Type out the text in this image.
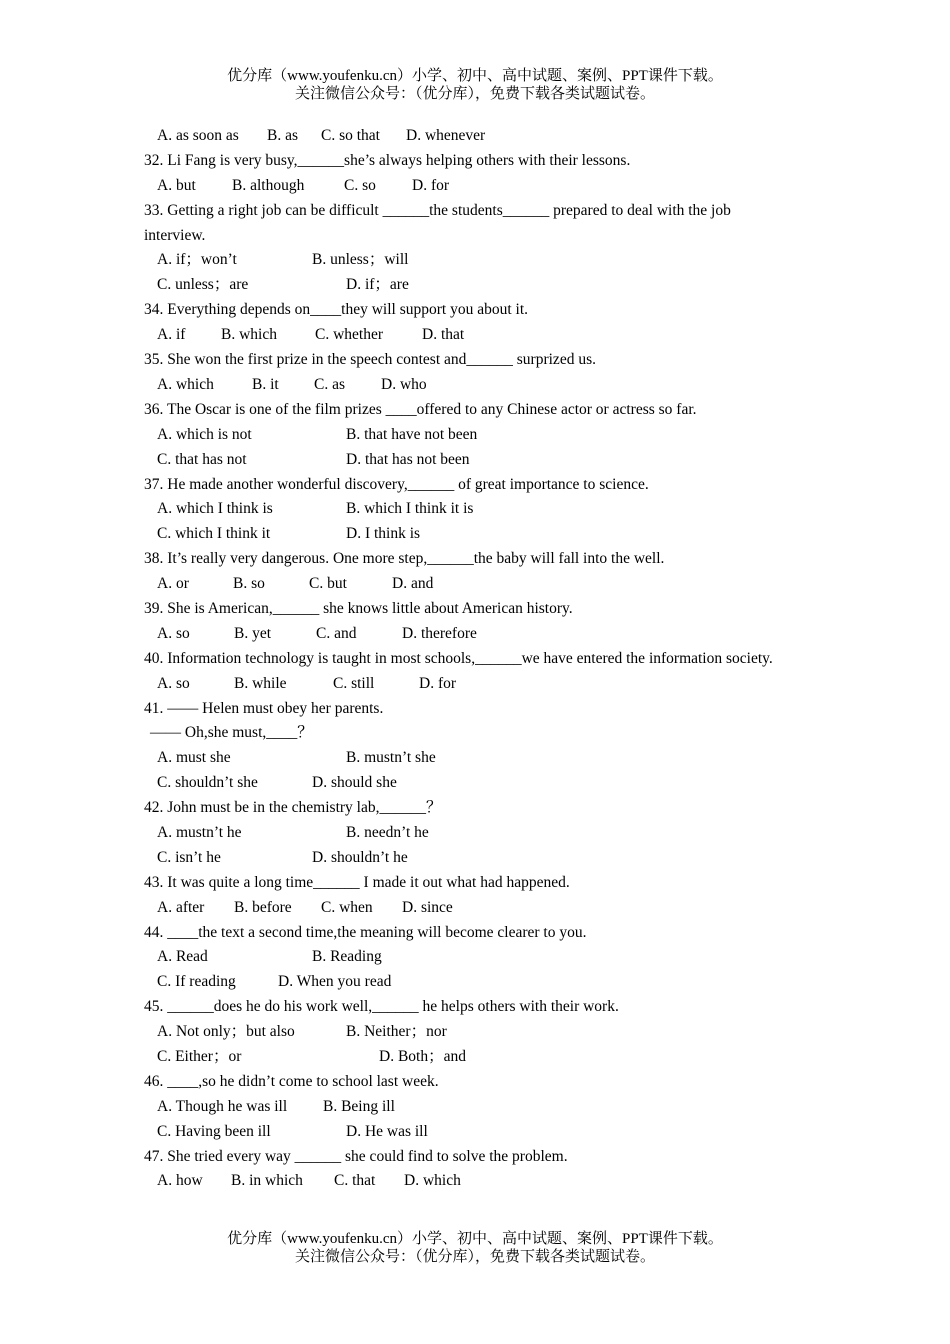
优分库（www.youfenku.cn）小学、初中、高中试题、案例、PPT课件下载。
关注微信公众号：（优分库），免费下载各类试题试卷。
A. as soon as B. as C. so that D. whenever
32. Li Fang is very busy,______she’s always helping others with their lessons.
A. but B. although	C. so D. for
33. Getting a right job can be difficult ______the students______ prepared to deal with the job interview.
A. if；won’t	B. unless；will
C. unless；are	D. if；are
34. Everything depends on____they will support you about it.
A. if B. which C. whether	D. that
35. She won the first prize in the speech contest and______ surprized us.
A. which B. it C. as D. who
36. The Oscar is one of the film prizes ____offered to any Chinese actor or actress so far.
A. which is not	B. that have not been
C. that has not	D. that has not been
37. He made another wonderful discovery,______ of great importance to science.
A. which I think is	B. which I think it is
C. which I think it	D. I think is
38. It’s really very dangerous. One more step,______the baby will fall into the well.
A. or	B. so	C. but	D. and
39. She is American,______ she knows little about American history.
A. so	B. yet	C. and	D. therefore
40. Information technology is taught in most schools,______we have entered the information society.
A. so	B. while	C. still	D. for
41. —— Helen must obey her parents.
—— Oh,she must,____？
A. must she	B. mustn’t she
C. shouldn’t she	D. should she
42. John must be in the chemistry lab,______？
A. mustn’t he	B. needn’t he
C. isn’t he	D. shouldn’t he
43. It was quite a long time______ I made it out what had happened.
A. after B. before C. when D. since
44. ____the text a second time,the meaning will become clearer to you.
A. Read	B. Reading
C. If reading	D. When you read
45. ______does he do his work well,______ he helps others with their work.
A. Not only；but also	B. Neither；nor
C. Either；or	D. Both；and
46. ____,so he didn’t come to school last week.
A. Though he was ill B. Being ill
C. Having been ill	D. He was ill
47. She tried every way ______ she could find to solve the problem.
A. how B. in which C. that D. which
优分库（www.youfenku.cn）小学、初中、高中试题、案例、PPT课件下载。
关注微信公众号：（优分库），免费下载各类试题试卷。
